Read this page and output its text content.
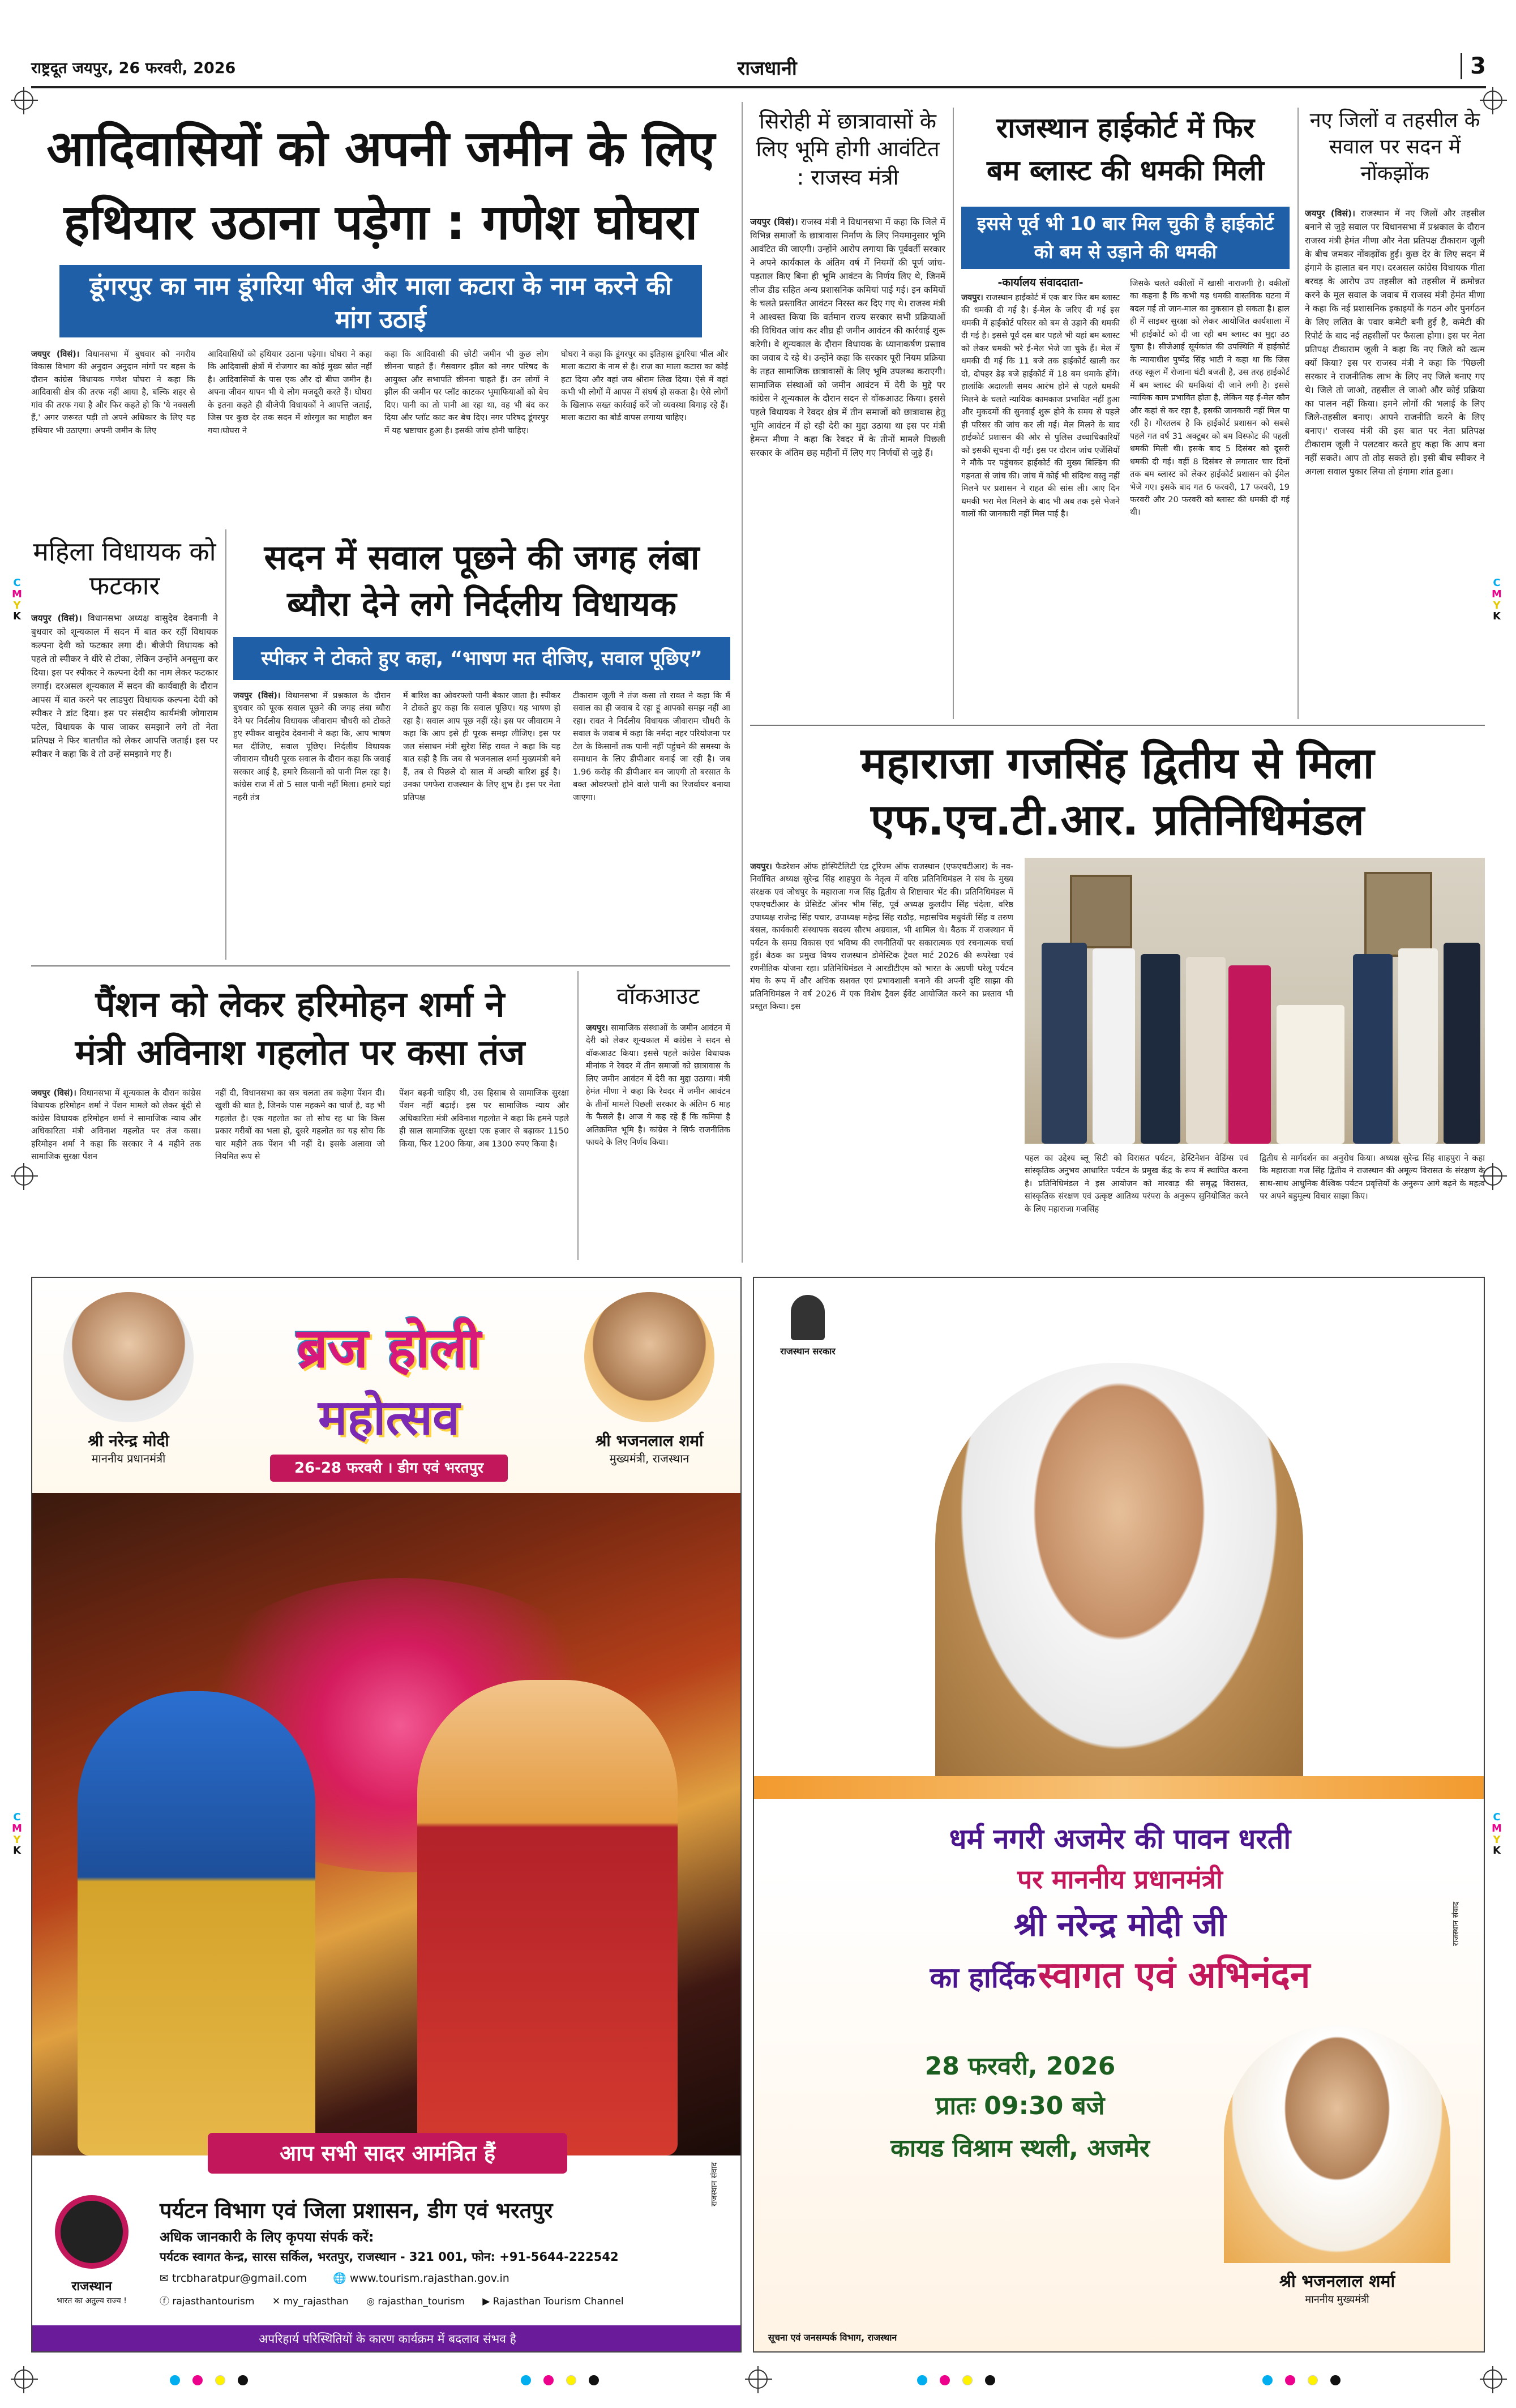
राष्ट्रदूत जयपुर, 26 फरवरी, 2026	राजधानी	3
आदिवासियों को अपनी जमीन के लिए
हथियार उठाना पड़ेगा : गणेश घोघरा
डूंगरपुर का नाम डूंगरिया भील और माला कटारा के नाम करने की मांग उठाई
जयपुर (विसं)। विधानसभा में बुधवार को नगरीय विकास विभाग की अनुदान अनुदान मांगों पर बहस के दौरान कांग्रेस विधायक गणेश घोघरा ने कहा कि आदिवासी क्षेत्र की तरफ नहीं आया है, बल्कि शहर से गांव की तरफ गया है और फिर कहते हो कि 'ये नक्सली हैं,' अगर जरूरत पड़ी तो अपने अधिकार के लिए यह हथियार भी उठाएगा। अपनी जमीन के लिए
आदिवासियों को हथियार उठाना पड़ेगा। घोघरा ने कहा कि आदिवासी क्षेत्रों में रोजगार का कोई मुख्य स्रोत नहीं है। आदिवासियों के पास एक और दो बीघा जमीन है। अपना जीवन यापन भी ये लोग मजदूरी करते हैं। घोघरा के इतना कहते ही बीजेपी विधायकों ने आपत्ति जताई, जिस पर कुछ देर तक सदन में शोरगुल का माहौल बन गया।घोघरा ने
कहा कि आदिवासी की छोटी जमीन भी कुछ लोग छीनना चाहते हैं। गैसवागर झील को नगर परिषद के आयुक्त और सभापति छीनना चाहते हैं। उन लोगों ने झील की जमीन पर प्लॉट काटकर भूमाफियाओं को बेच दिए। पानी का तो पानी आ रहा था, वह भी बंद कर दिया और प्लॉट काट कर बेच दिए। नगर परिषद डूंगरपुर में यह भ्रष्टाचार हुआ है। इसकी जांच होनी चाहिए।
घोघरा ने कहा कि डूंगरपुर का इतिहास डूंगरिया भील और माला कटारा के नाम से है। राज का माला कटारा का कोई हटा दिया और वहां जय श्रीराम लिख दिया। ऐसे में वहां कभी भी लोगों में आपस में संघर्ष हो सकता है। ऐसे लोगों के खिलाफ सख्त कार्रवाई करें जो व्यवस्था बिगाड़ रहे हैं। माला कटारा का बोर्ड वापस लगाया चाहिए।
महिला विधायक को फटकार
जयपुर (विसं)। विधानसभा अध्यक्ष वासुदेव देवनानी ने बुधवार को शून्यकाल में सदन में बात कर रहीं विधायक कल्पना देवी को फटकार लगा दी। बीजेपी विधायक को पहले तो स्पीकर ने धीरे से टोका, लेकिन उन्होंने अनसुना कर दिया। इस पर स्पीकर ने कल्पना देवी का नाम लेकर फटकार लगाई। दरअसल शून्यकाल में सदन की कार्यवाही के दौरान आपस में बात करने पर लाडपुरा विधायक कल्पना देवी को स्पीकर ने डांट दिया। इस पर संसदीय कार्यमंत्री जोगाराम पटेल, विधायक के पास जाकर समझाने लगे तो नेता प्रतिपक्ष ने फिर बातचीत को लेकर आपत्ति जताई। इस पर स्पीकर ने कहा कि वे तो उन्हें समझाने गए हैं।
सदन में सवाल पूछने की जगह लंबा
ब्यौरा देने लगे निर्दलीय विधायक
स्पीकर ने टोकते हुए कहा, “भाषण मत दीजिए, सवाल पूछिए”
जयपुर (विसं)। विधानसभा में प्रश्नकाल के दौरान बुधवार को पूरक सवाल पूछने की जगह लंबा ब्यौरा देने पर निर्दलीय विधायक जीवाराम चौधरी को टोकते हुए स्पीकर वासुदेव देवनानी ने कहा कि, आप भाषण मत दीजिए, सवाल पूछिए। निर्दलीय विधायक जीवाराम चौधरी पूरक सवाल के दौरान कहा कि जवाई सरकार आई है, हमारे किसानों को पानी मिल रहा है। कांग्रेस राज में तो 5 साल पानी नहीं मिला। हमारे यहां नहरी तंत्र
में बारिश का ओवरफ्लो पानी बेकार जाता है। स्पीकर ने टोकते हुए कहा कि सवाल पूछिए। यह भाषण हो रहा है। सवाल आप पूछ नहीं रहे। इस पर जीवाराम ने कहा कि आप इसे ही पूरक समझ लीजिए। इस पर जल संसाधन मंत्री सुरेश सिंह रावत ने कहा कि यह बात सही है कि जब से भजनलाल शर्मा मुख्यमंत्री बने हैं, तब से पिछले दो साल में अच्छी बारिश हुई है। उनका पगफेरा राजस्थान के लिए शुभ है। इस पर नेता प्रतिपक्ष
टीकाराम जूली ने तंज कसा तो रावत ने कहा कि मैं सवाल का ही जवाब दे रहा हूं आपको समझ नहीं आ रहा। रावत ने निर्दलीय विधायक जीवाराम चौधरी के सवाल के जवाब में कहा कि नर्मदा नहर परियोजना पर टेल के किसानों तक पानी नहीं पहुंचने की समस्या के समाधान के लिए डीपीआर बनाई जा रही है। जब 1.96 करोड़ की डीपीआर बन जाएगी तो बरसात के बक्त ओवरफ्लो होने वाले पानी का रिजर्वायर बनाया जाएगा।
पैंशन को लेकर हरिमोहन शर्मा ने
मंत्री अविनाश गहलोत पर कसा तंज
जयपुर (विसं)। विधानसभा में शून्यकाल के दौरान कांग्रेस विधायक हरिमोहन शर्मा ने पेंशन मामले को लेकर बूंदी से कांग्रेस विधायक हरिमोहन शर्मा ने सामाजिक न्याय और अधिकारिता मंत्री अविनाश गहलोत पर तंज कसा। हरिमोहन शर्मा ने कहा कि सरकार ने 4 महीने तक सामाजिक सुरक्षा पेंशन
नहीं दी, विधानसभा का सत्र चलता तब कहेगा पेंशन दी। खुशी की बात है, जिनके पास महकमे का चार्ज है, वह भी गहलोत है। एक गहलोत का तो सोच रह था कि किस प्रकार गरीबों का भला हो, दूसरे गहलोत का यह सोच कि चार महीने तक पेंशन भी नहीं दे। इसके अलावा जो नियमित रूप से
पेंशन बढ़नी चाहिए थी, उस हिसाब से सामाजिक सुरक्षा पेंशन नहीं बढ़ाई। इस पर सामाजिक न्याय और अधिकारिता मंत्री अविनाश गहलोत ने कहा कि हमने पहले ही साल सामाजिक सुरक्षा एक हजार से बढ़ाकर 1150 किया, फिर 1200 किया, अब 1300 रुपए किया है।
वॉकआउट
जयपुर। सामाजिक संस्थाओं के जमीन आवंटन में देरी को लेकर शून्यकाल में कांग्रेस ने सदन से वॉकआउट किया। इससे पहले कांग्रेस विधायक मीनांक ने रेवदर में तीन समाजों को छात्रावास के लिए जमीन आवंटन में देरी का मुद्दा उठाया। मंत्री हेमंत मीणा ने कहा कि रेवदर में जमीन आवंटन के तीनों मामले पिछली सरकार के अंतिम 6 माह के फैसले है। आज ये कह रहे हैं कि कमियां है अतिक्रमित भूमि है। कांग्रेस ने सिर्फ राजनीतिक फायदे के लिए निर्णय किया।
सिरोही में छात्रावासों के लिए भूमि होगी आवंटित : राजस्व मंत्री
जयपुर (विसं)। राजस्व मंत्री ने विधानसभा में कहा कि जिले में विभिन्न समाजों के छात्रावास निर्माण के लिए नियमानुसार भूमि आवंटित की जाएगी। उन्होंने आरोप लगाया कि पूर्ववर्ती सरकार ने अपने कार्यकाल के अंतिम वर्ष में नियमों की पूर्ण जांच-पड़ताल किए बिना ही भूमि आवंटन के निर्णय लिए थे, जिनमें लीज डीड सहित अन्य प्रशासनिक कमियां पाई गई। इन कमियों के चलते प्रस्तावित आवंटन निरस्त कर दिए गए थे। राजस्व मंत्री ने आश्वस्त किया कि वर्तमान राज्य सरकार सभी प्रक्रियाओं की विधिवत जांच कर शीघ्र ही जमीन आवंटन की कार्रवाई शुरू करेगी। वे शून्यकाल के दौरान विधायक के ध्यानाकर्षण प्रस्ताव का जवाब दे रहे थे। उन्होंने कहा कि सरकार पूरी नियम प्रक्रिया के तहत सामाजिक छात्रावासों के लिए भूमि उपलब्ध कराएगी। सामाजिक संस्थाओं को जमीन आवंटन में देरी के मुद्दे पर कांग्रेस ने शून्यकाल के दौरान सदन से वॉकआउट किया। इससे पहले विधायक ने रेवदर क्षेत्र में तीन समाजों को छात्रावास हेतु भूमि आवंटन में हो रही देरी का मुद्दा उठाया था इस पर मंत्री हेमन्त मीणा ने कहा कि रेवदर में के तीनों मामले पिछली सरकार के अंतिम छह महीनों में लिए गए निर्णयों से जुड़े हैं।
राजस्थान हाईकोर्ट में फिर
बम ब्लास्ट की धमकी मिली
इससे पूर्व भी 10 बार मिल चुकी है हाईकोर्ट को बम से उड़ाने की धमकी
-कार्यालय संवाददाता-
जयपुर। राजस्थान हाईकोर्ट में एक बार फिर बम ब्लास्ट की धमकी दी गई है। ई-मेल के जरिए दी गई इस धमकी में हाईकोर्ट परिसर को बम से उड़ाने की धमकी दी गई है। इससे पूर्व दस बार पहले भी यहां बम ब्लास्ट को लेकर धमकी भरे ई-मेल भेजे जा चुके हैं। मेल में धमकी दी गई कि 11 बजे तक हाईकोर्ट खाली कर दो, दोपहर डेढ़ बजे हाईकोर्ट में 18 बम धमाके होंगे। हालांकि अदालती समय आरंभ होने से पहले धमकी मिलने के चलते न्यायिक कामकाज प्रभावित नहीं हुआ और मुकदमों की सुनवाई शुरू होने के समय से पहले ही परिसर की जांच कर ली गई। मेल मिलने के बाद हाईकोर्ट प्रशासन की ओर से पुलिस उच्चाधिकारियों को इसकी सूचना दी गई। इस पर दौरान जांच एजेंसियों ने मौके पर पहुंचकर हाईकोर्ट की मुख्य बिल्डिंग की गहनता से जांच की। जांच में कोई भी संदिग्ध वस्तु नहीं मिलने पर प्रशासन ने राहत की सांस ली। आए दिन धमकी भरा मेल मिलने के बाद भी अब तक इसे भेजने वालों की जानकारी नहीं मिल पाई है।
जिसके चलते वकीलों में खासी नाराजगी है। वकीलों का कहना है कि कभी यह धमकी वास्तविक घटना में बदल गई तो जान-माल का नुकसान हो सकता है। हाल ही में साइबर सुरक्षा को लेकर आयोजित कार्यशाला में भी हाईकोर्ट को दी जा रही बम ब्लास्ट का मुद्दा उठ चुका है। सीजेआई सूर्यकांत की उपस्थिति में हाईकोर्ट के न्यायाधीश पुष्पेंद्र सिंह भाटी ने कहा था कि जिस तरह स्कूल में रोजाना घंटी बजती है, उस तरह हाईकोर्ट में बम ब्लास्ट की धमकियां दी जाने लगी है। इससे न्यायिक काम प्रभावित होता है, लेकिन यह ई-मेल कौन और कहां से कर रहा है, इसकी जानकारी नहीं मिल पा रही है। गौरतलब है कि हाईकोर्ट प्रशासन को सबसे पहले गत वर्ष 31 अक्टूबर को बम विस्फोट की पहली धमकी मिली थी। इसके बाद 5 दिसंबर को दूसरी धमकी दी गई। वहीं 8 दिसंबर से लगातार चार दिनों तक बम ब्लास्ट को लेकर हाईकोर्ट प्रशासन को ईमेल भेजे गए। इसके बाद गत 6 फरवरी, 17 फरवरी, 19 फरवरी और 20 फरवरी को ब्लास्ट की धमकी दी गई थी।
नए जिलों व तहसील के सवाल पर सदन में नोंकझोंक
जयपुर (विसं)। राजस्थान में नए जिलों और तहसील बनाने से जुड़े सवाल पर विधानसभा में प्रश्नकाल के दौरान राजस्व मंत्री हेमंत मीणा और नेता प्रतिपक्ष टीकाराम जूली के बीच जमकर नोंकझोंक हुई। कुछ देर के लिए सदन में हंगामे के हालात बन गए। दरअसल कांग्रेस विधायक गीता बरवड़ के आरोप उप तहसील को तहसील में क्रमोन्नत करने के मूल सवाल के जवाब में राजस्व मंत्री हेमंत मीणा ने कहा कि नई प्रशासनिक इकाइयों के गठन और पुनर्गठन के लिए ललित के पवार कमेटी बनी हुई है, कमेटी की रिपोर्ट के बाद नई तहसीलों पर फैसला होगा। इस पर नेता प्रतिपक्ष टीकाराम जूली ने कहा कि नए जिले को खत्म क्यों किया? इस पर राजस्व मंत्री ने कहा कि 'पिछली सरकार ने राजनीतिक लाभ के लिए नए जिले बनाए गए थे। जिले तो जाओ, तहसील ले जाओ और कोई प्रक्रिया का पालन नहीं किया। हमने लोगों की भलाई के लिए जिले-तहसील बनाए। आपने राजनीति करने के लिए बनाए।' राजस्व मंत्री की इस बात पर नेता प्रतिपक्ष टीकाराम जूली ने पलटवार करते हुए कहा कि आप बना नहीं सकते। आप तो तोड़ सकते हो। इसी बीच स्पीकर ने अगला सवाल पुकार लिया तो हंगामा शांत हुआ।
महाराजा गजसिंह द्वितीय से मिला
एफ.एच.टी.आर. प्रतिनिधिमंडल
जयपुर। फैडरेशन ऑफ होस्पिटैलिटी एंड टूरिज्म ऑफ राजस्थान (एफएचटीआर) के नव-निर्वाचित अध्यक्ष सुरेन्द्र सिंह शाहपुरा के नेतृत्व में वरिष्ठ प्रतिनिधिमंडल ने संघ के मुख्य संरक्षक एवं जोधपुर के महाराजा गज सिंह द्वितीय से शिष्टाचार भेंट की। प्रतिनिधिमंडल में एफएचटीआर के प्रेसिडेंट ऑनर भीम सिंह, पूर्व अध्यक्ष कुलदीप सिंह चंदेला, वरिष्ठ उपाध्यक्ष राजेन्द्र सिंह पचार, उपाध्यक्ष महेन्द्र सिंह राठौड़, महासचिव मधुवंती सिंह व तरुण बंसल, कार्यकारी संस्थापक सदस्य सौरभ अग्रवाल, भी शामिल थे। बैठक में राजस्थान में पर्यटन के समग्र विकास एवं भविष्य की रणनीतियों पर सकारात्मक एवं रचनात्मक चर्चा हुई। बैठक का प्रमुख विषय राजस्थान डोमेस्टिक ट्रैवल मार्ट 2026 की रूपरेखा एवं रणनीतिक योजना रहा। प्रतिनिधिमंडल ने आरडीटीएम को भारत के अग्रणी घरेलू पर्यटन मंच के रूप में और अधिक सशक्त एवं प्रभावशाली बनाने की अपनी दृष्टि साझा की प्रतिनिधिमंडल ने वर्ष 2026 में एक विशेष ट्रैवल ईवेंट आयोजित करने का प्रस्ताव भी प्रस्तुत किया। इस
पहल का उद्देश्य ब्लू सिटी को विरासत पर्यटन, डेस्टिनेशन वेडिंग्स एवं सांस्कृतिक अनुभव आधारित पर्यटन के प्रमुख केंद्र के रूप में स्थापित करना है। प्रतिनिधिमंडल ने इस आयोजन को मारवाड़ की समृद्ध विरासत, सांस्कृतिक संरक्षण एवं उत्कृष्ट आतिथ्य परंपरा के अनुरूप सुनियोजित करने के लिए महाराजा गजसिंह
द्वितीय से मार्गदर्शन का अनुरोध किया। अध्यक्ष सुरेन्द्र सिंह शाहपुरा ने कहा कि महाराजा गज सिंह द्वितीय ने राजस्थान की अमूल्य विरासत के संरक्षण के साथ-साथ आधुनिक वैश्विक पर्यटन प्रवृत्तियों के अनुरूप आगे बढ़ने के महत्व पर अपने बहुमूल्य विचार साझा किए।
श्री नरेन्द्र मोदी
माननीय प्रधानमंत्री
श्री भजनलाल शर्मा
मुख्यमंत्री, राजस्थान
ब्रज होली
महोत्सव
26-28 फरवरी । डीग एवं भरतपुर
आप सभी सादर आमंत्रित हैं
राजस्थान
भारत का अतुल्य राज्य !
पर्यटन विभाग एवं जिला प्रशासन, डीग एवं भरतपुर
अधिक जानकारी के लिए कृपया संपर्क करें:
पर्यटक स्वागत केन्द्र, सारस सर्किल, भरतपुर, राजस्थान - 321 001, फोन: +91-5644-222542
✉ trcbharatpur@gmail.com 🌐 www.tourism.rajasthan.gov.in
ⓕ rajasthantourism ✕ my_rajasthan ◎ rajasthan_tourism ▶ Rajasthan Tourism Channel
अपरिहार्य परिस्थितियों के कारण कार्यक्रम में बदलाव संभव है
राजस्थान संवाद
राजस्थान सरकार
धर्म नगरी अजमेर की पावन धरती
पर माननीय प्रधानमंत्री
श्री नरेन्द्र मोदी जी
का हार्दिक स्वागत एवं अभिनंदन
राजस्थान संवाद
28 फरवरी, 2026
प्रातः 09:30 बजे
कायड विश्राम स्थली, अजमेर
श्री भजनलाल शर्मा
माननीय मुख्यमंत्री
सूचना एवं जनसम्पर्क विभाग, राजस्थान
C
M
Y
K
C
M
Y
K
C
M
Y
K
C
M
Y
K
